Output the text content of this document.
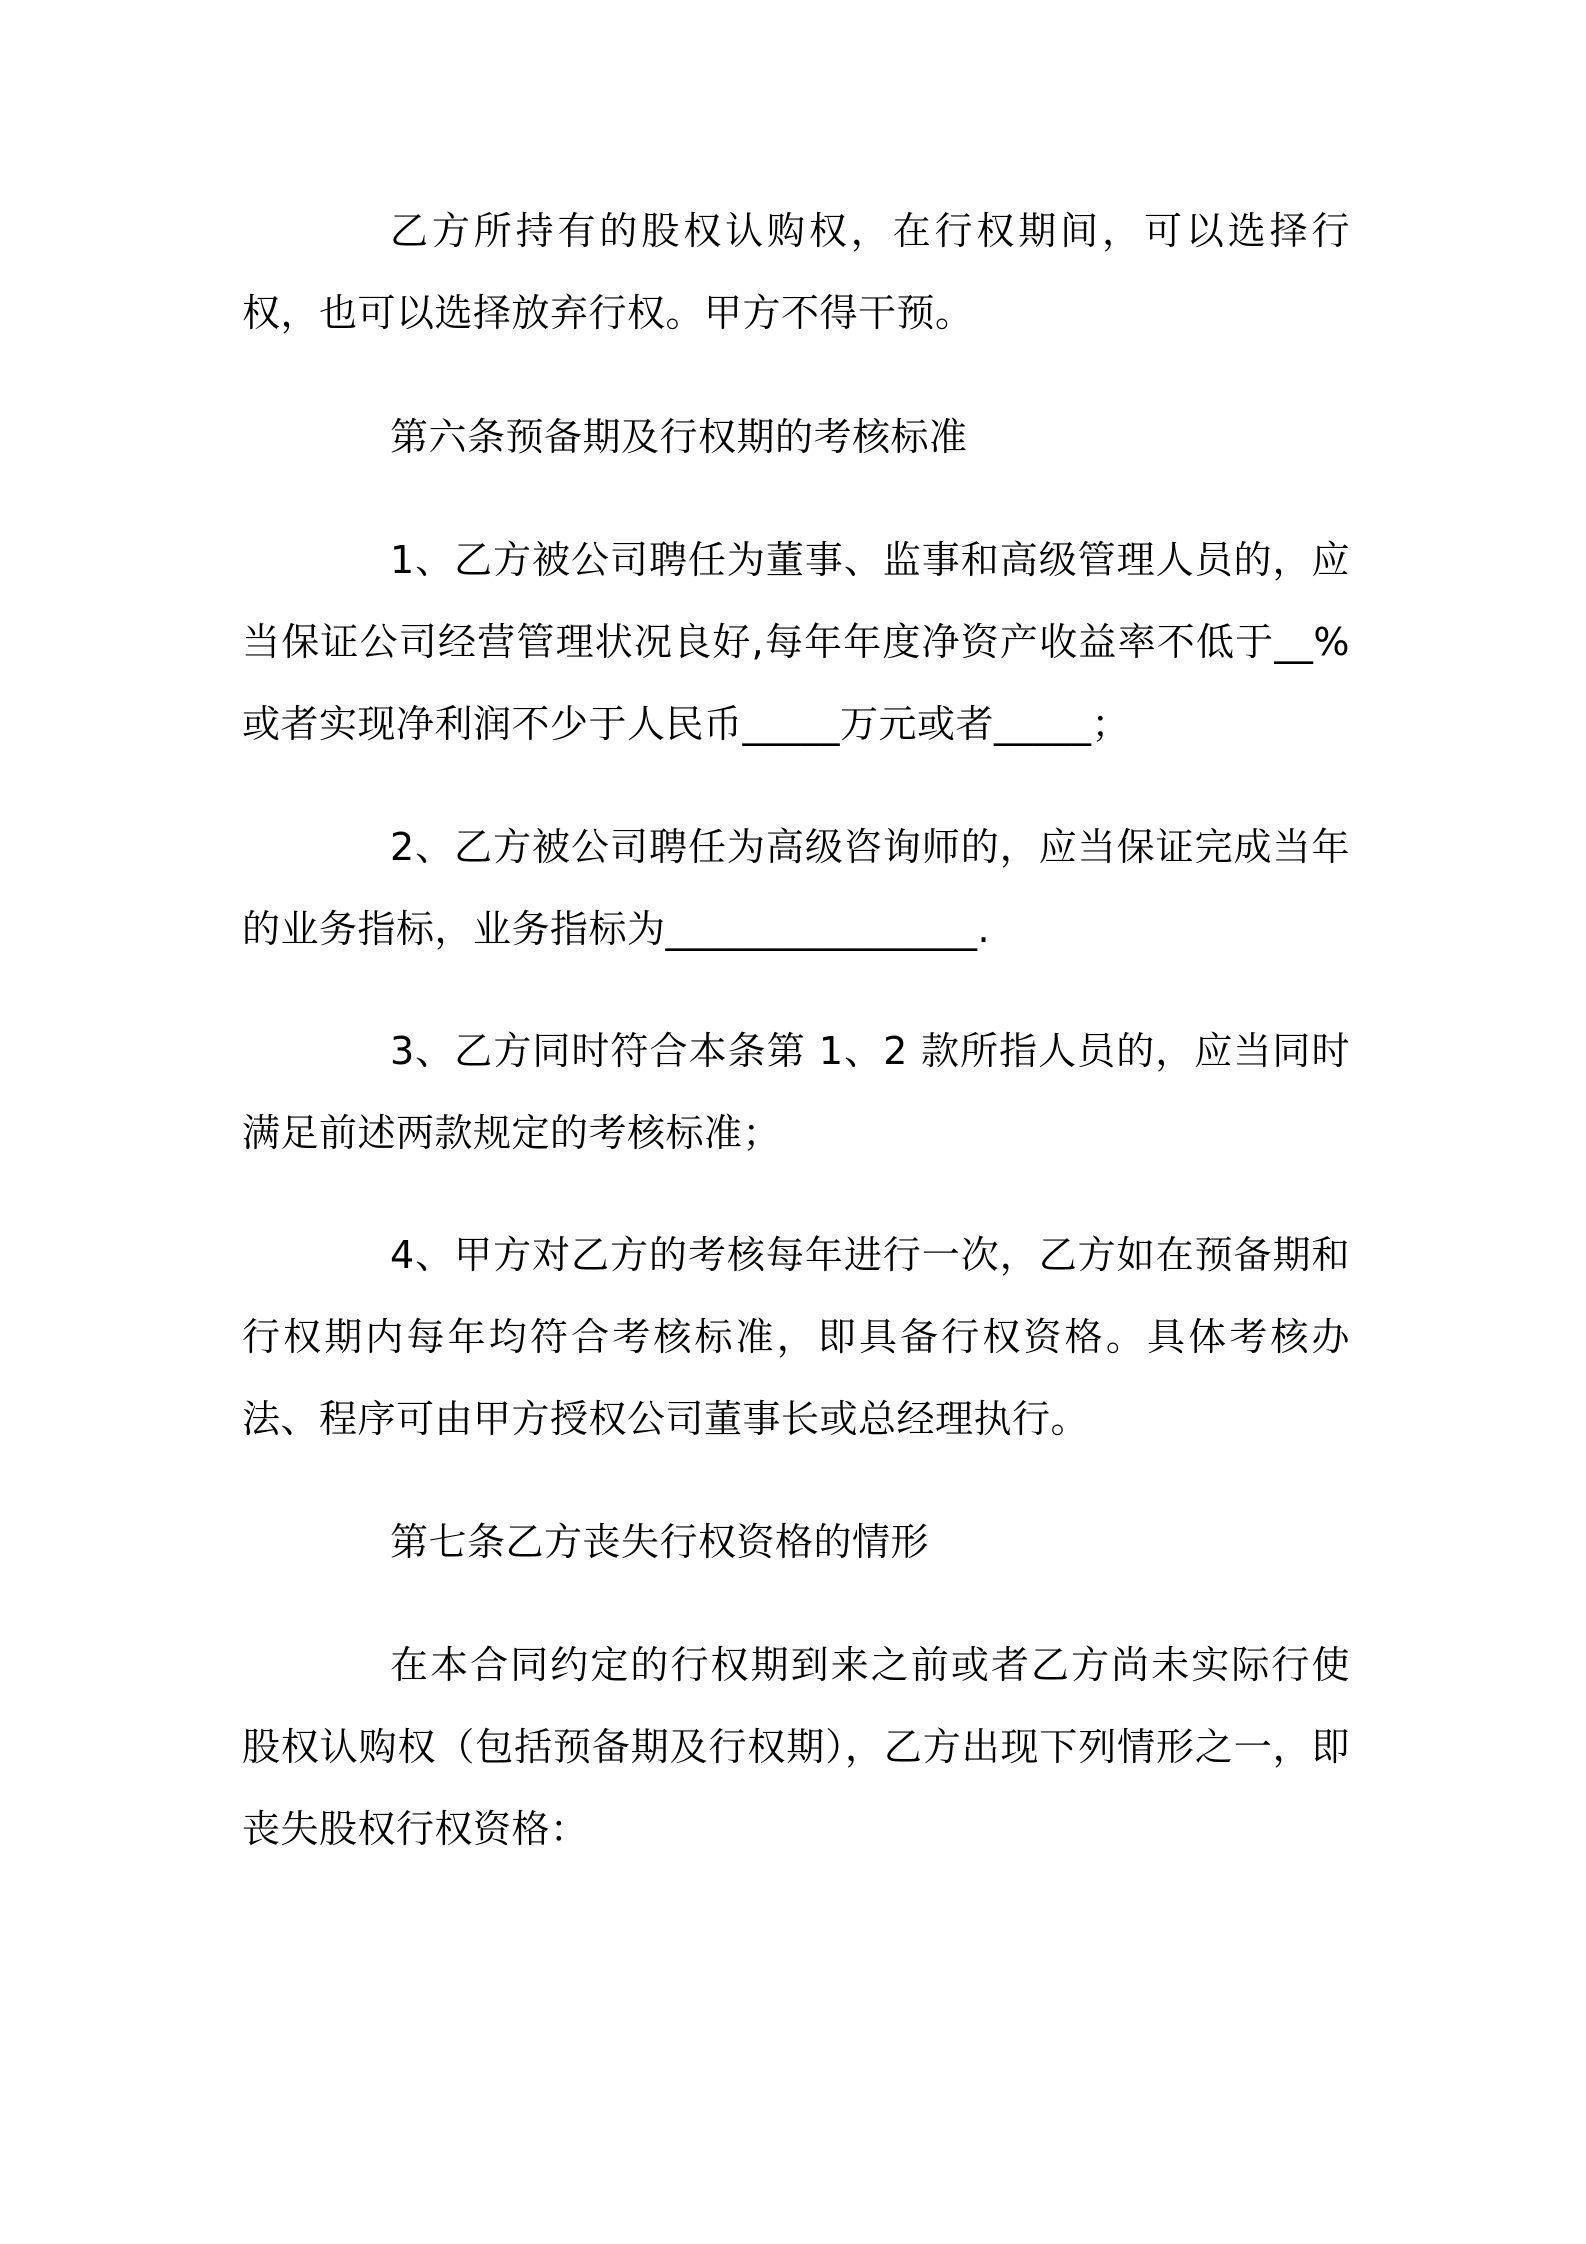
乙方所持有的股权认购权，在行权期间，可以选择行权，也可以选择放弃行权。甲方不得干预。

第六条预备期及行权期的考核标准

1、乙方被公司聘任为董事、监事和高级管理人员的，应当保证公司经营管理状况良好,每年年度净资产收益率不低于__%或者实现净利润不少于人民币_____万元或者_____；

2、乙方被公司聘任为高级咨询师的，应当保证完成当年的业务指标，业务指标为________________.

3、乙方同时符合本条第 1、2 款所指人员的，应当同时满足前述两款规定的考核标准；

4、甲方对乙方的考核每年进行一次，乙方如在预备期和行权期内每年均符合考核标准，即具备行权资格。具体考核办法、程序可由甲方授权公司董事长或总经理执行。

第七条乙方丧失行权资格的情形

在本合同约定的行权期到来之前或者乙方尚未实际行使股权认购权（包括预备期及行权期），乙方出现下列情形之一，即丧失股权行权资格：
